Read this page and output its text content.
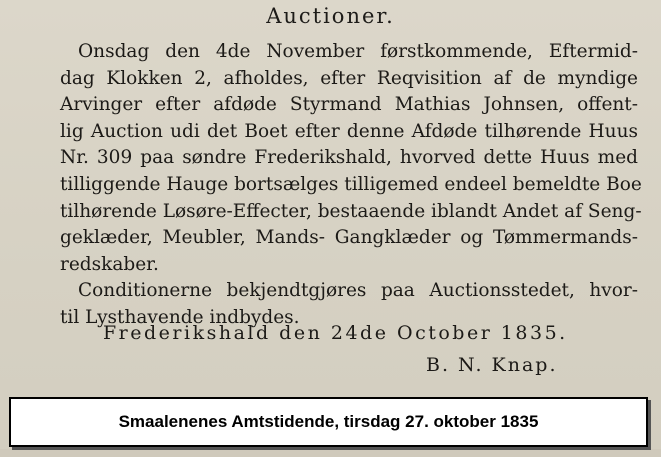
Auctioner.
Onsdag den 4de November førstkommende, Eftermid-
dag Klokken 2, afholdes, efter Reqvisition af de myndige
Arvinger efter afdøde Styrmand Mathias Johnsen, offent-
lig Auction udi det Boet efter denne Afdøde tilhørende Huus
Nr. 309 paa søndre Frederikshald, hvorved dette Huus med
tilliggende Hauge bortsælges tilligemed endeel bemeldte Boe
tilhørende Løsøre-Effecter, bestaaende iblandt Andet af Seng-
geklæder, Meubler, Mands- Gangklæder og Tømmermands-
redskaber.
Conditionerne bekjendtgjøres paa Auctionsstedet, hvor-
til Lysthavende indbydes.
Frederikshald den 24de October 1835.
B. N. Knap.
Smaalenenes Amtstidende, tirsdag 27. oktober 1835
